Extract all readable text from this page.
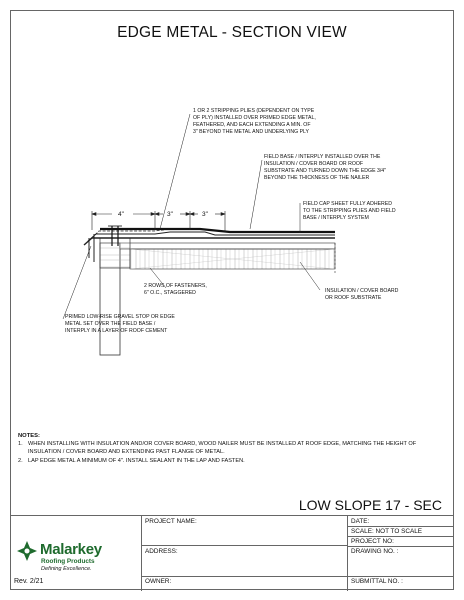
EDGE METAL - SECTION VIEW
4"	3"	3"
1 OR 2 STRIPPING PLIES (DEPENDENT ON TYPE
OF PLY) INSTALLED OVER PRIMED EDGE METAL,
FEATHERED, AND EACH EXTENDING A MIN. OF
3" BEYOND THE METAL AND UNDERLYING PLY
FIELD BASE / INTERPLY INSTALLED OVER THE
INSULATION / COVER BOARD OR ROOF
SUBSTRATE AND TURNED DOWN THE EDGE 3/4"
BEYOND THE THICKNESS OF THE NAILER
FIELD CAP SHEET FULLY ADHERED
TO THE STRIPPING PLIES AND FIELD
BASE / INTERPLY SYSTEM
2 ROWS OF FASTENERS,
6" O.C., STAGGERED	INSULATION / COVER BOARD
OR ROOF SUBSTRATE
PRIMED LOW-RISE GRAVEL STOP OR EDGE
METAL SET OVER THE FIELD BASE /
INTERPLY IN A LAYER OF ROOF CEMENT
NOTES:
1. WHEN INSTALLING WITH INSULATION AND/OR COVER BOARD, WOOD NAILER MUST BE INSTALLED AT ROOF EDGE, MATCHING THE HEIGHT OF INSULATION / COVER BOARD AND EXTENDING PAST FLANGE OF METAL.
2. LAP EDGE METAL A MINIMUM OF 4". INSTALL SEALANT IN THE LAP AND FASTEN.
LOW SLOPE 17 - SEC
PROJECT NAME:
ADDRESS:
OWNER:
DATE:
SCALE: NOT TO SCALE
PROJECT NO:
DRAWING NO. :
SUBMITTAL NO. :
Malarkey
Roofing Products
Defining Excellence.
Rev. 2/21
